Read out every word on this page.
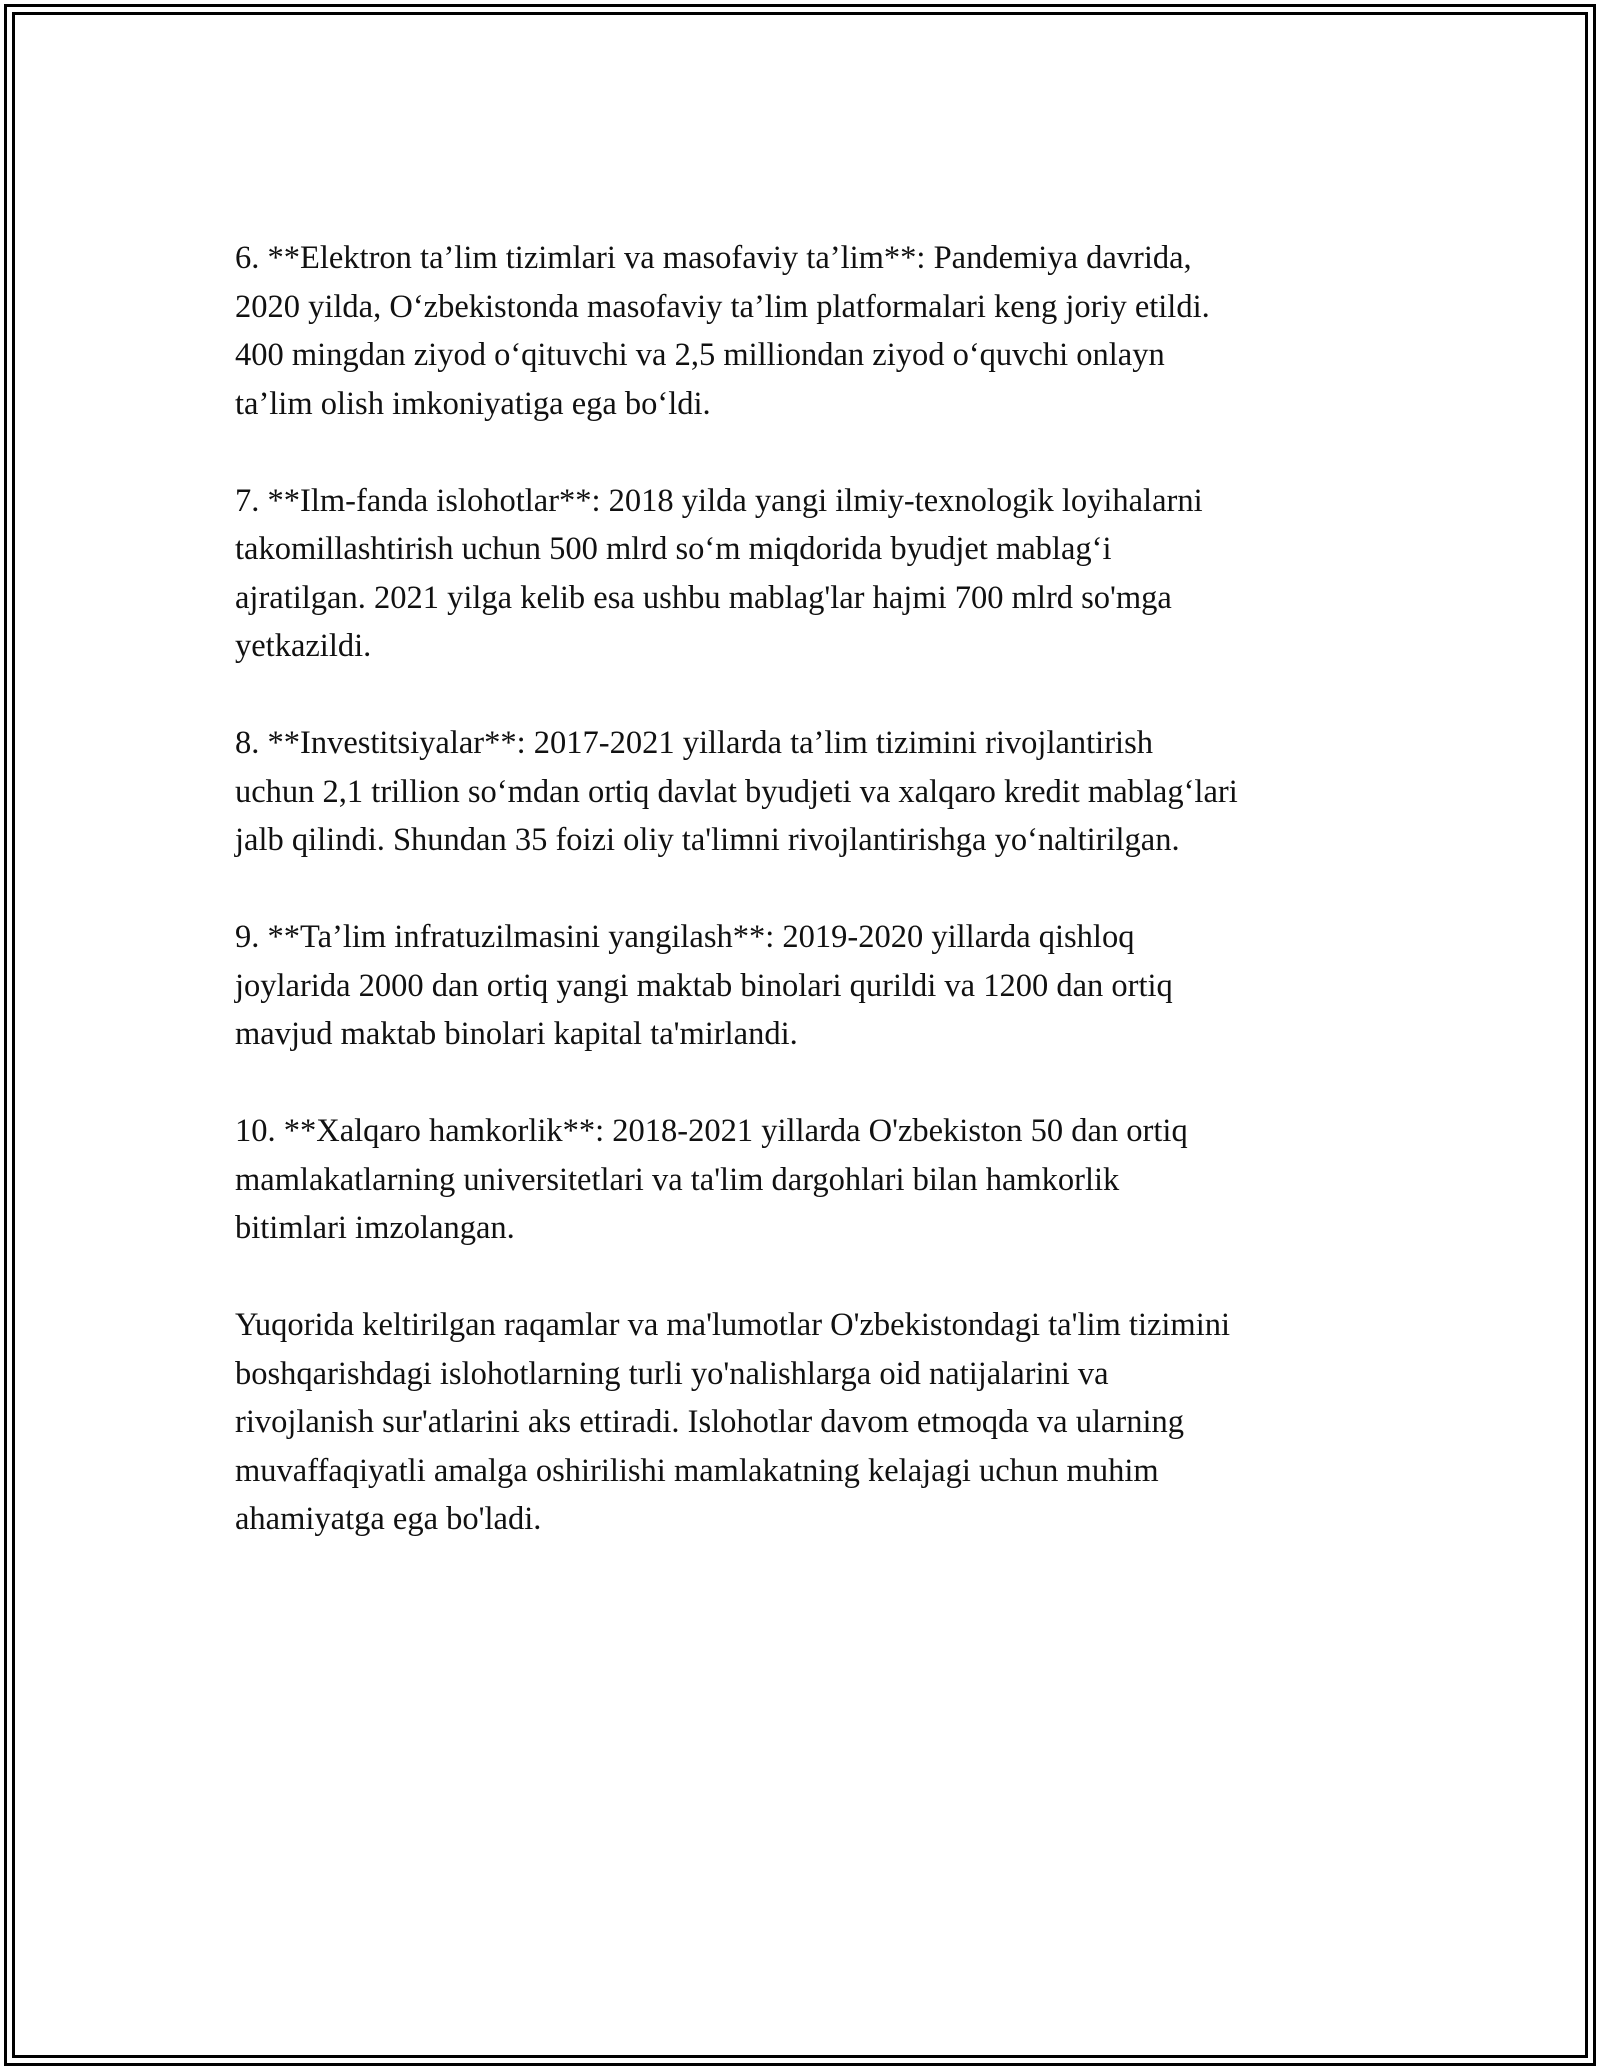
6. **Elektron ta’lim tizimlari va masofaviy ta’lim**: Pandemiya davrida,
2020 yilda, O‘zbekistonda masofaviy ta’lim platformalari keng joriy etildi.
400 mingdan ziyod o‘qituvchi va 2,5 milliondan ziyod o‘quvchi onlayn
ta’lim olish imkoniyatiga ega bo‘ldi.

7. **Ilm-fanda islohotlar**: 2018 yilda yangi ilmiy-texnologik loyihalarni
takomillashtirish uchun 500 mlrd so‘m miqdorida byudjet mablag‘i
ajratilgan. 2021 yilga kelib esa ushbu mablag'lar hajmi 700 mlrd so'mga
yetkazildi.

8. **Investitsiyalar**: 2017-2021 yillarda ta’lim tizimini rivojlantirish
uchun 2,1 trillion so‘mdan ortiq davlat byudjeti va xalqaro kredit mablag‘lari
jalb qilindi. Shundan 35 foizi oliy ta'limni rivojlantirishga yo‘naltirilgan.

9. **Ta’lim infratuzilmasini yangilash**: 2019-2020 yillarda qishloq
joylarida 2000 dan ortiq yangi maktab binolari qurildi va 1200 dan ortiq
mavjud maktab binolari kapital ta'mirlandi.

10. **Xalqaro hamkorlik**: 2018-2021 yillarda O'zbekiston 50 dan ortiq
mamlakatlarning universitetlari va ta'lim dargohlari bilan hamkorlik
bitimlari imzolangan.

Yuqorida keltirilgan raqamlar va ma'lumotlar O'zbekistondagi ta'lim tizimini
boshqarishdagi islohotlarning turli yo'nalishlarga oid natijalarini va
rivojlanish sur'atlarini aks ettiradi. Islohotlar davom etmoqda va ularning
muvaffaqiyatli amalga oshirilishi mamlakatning kelajagi uchun muhim
ahamiyatga ega bo'ladi.
